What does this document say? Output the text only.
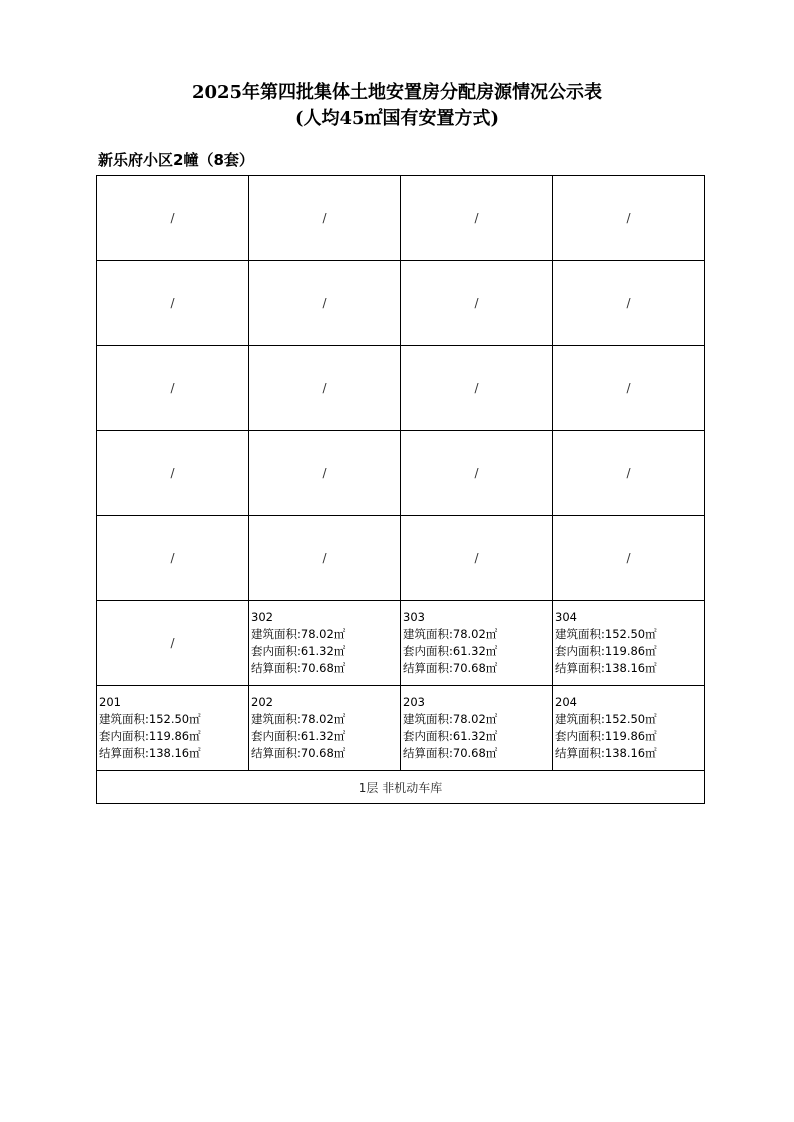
2025年第四批集体土地安置房分配房源情况公示表
(人均45㎡国有安置方式)
新乐府小区2幢（8套）
/	/	/	/
/	/	/	/
/	/	/	/
/	/	/	/
/	/	/	/
/	302
建筑面积:78.02㎡
套内面积:61.32㎡
结算面积:70.68㎡	303
建筑面积:78.02㎡
套内面积:61.32㎡
结算面积:70.68㎡	304
建筑面积:152.50㎡
套内面积:119.86㎡
结算面积:138.16㎡

201
建筑面积:152.50㎡
套内面积:119.86㎡
结算面积:138.16㎡	202
建筑面积:78.02㎡
套内面积:61.32㎡
结算面积:70.68㎡	203
建筑面积:78.02㎡
套内面积:61.32㎡
结算面积:70.68㎡	204
建筑面积:152.50㎡
套内面积:119.86㎡
结算面积:138.16㎡

1层 非机动车库			
